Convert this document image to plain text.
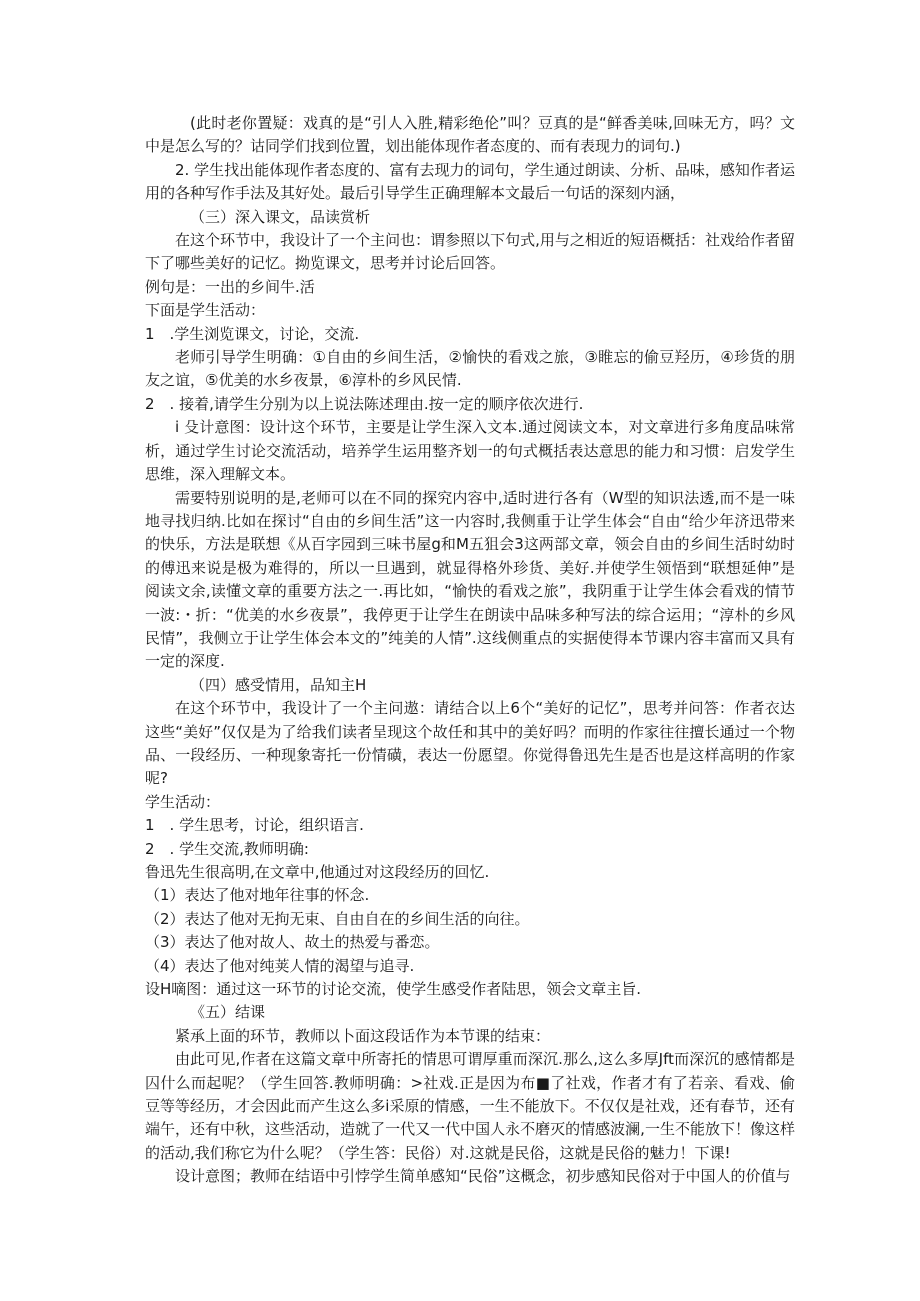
(此时老你置疑：戏真的是“引人入胜,精彩绝伦”叫？豆真的是“鲜香美味,回味无方，吗？文中是怎么写的？诂同学们找到位置，划出能体现作者态度的、而有表现力的词句.)

2. 学生找出能体现作者态度的、富有去现力的词句，学生通过朗读、分析、品味，感知作者运用的各种写作手法及其好处。最后引导学生正确理解本文最后一句话的深刻内涵，

（三）深入课文，品读赏析

在这个环节中，我设计了一个主问也：谓参照以下句式,用与之相近的短语概括：社戏给作者留下了哪些美好的记忆。拗览课文，思考并讨论后回答。

例句是：一出的乡间牛.活

下面是学生活动：

1　.学生浏览课文，讨论，交流.

老师引导学生明确：①自由的乡间生活，②愉快的看戏之旅，③睢忘的偷豆羟历，④珍货的朋友之谊，⑤优美的水乡夜景，⑥淳朴的乡风民情.

2　. 接着,请学生分别为以上说法陈述理由.按一定的顺序依次进行.

i 殳计意图：设计这个环节，主要是让学生深入文本.通过阅读文本，对文章进行多角度品味常析，通过学生讨论交流活动，培养学生运用整齐划一的句式概括表达意思的能力和习惯：启发学生思维，深入理解文本。

需要特别说明的是,老师可以在不同的探究内容中,适时进行各有（W型的知识法透,而不是一味地寻找归纳.比如在探讨“自由的乡间生活”这一内容时,我侧重于让学生体会“自由“给少年济迅带来的快乐，方法是联想《从百字园到三味书屋g和M五狙会3这两部文章，领会自由的乡间生活时幼时的傅迅来说是极为难得的，所以一旦遇到，就显得格外珍货、美好.并使学生领悟到“联想延伸”是阅读文余,读懂文章的重要方法之一.再比如，“愉快的看戏之旅”，我阴重于让学生体会看戏的情节一波:・折：“优美的水乡夜景”，我停更于让学生在朗读中品味多种写法的综合运用；“淳朴的乡风民情”，我侧立于让学生体会本文的”纯美的人情”.这线侧重点的实据使得本节课内容丰富而又具有一定的深度.

（四）感受情用，品知主H

在这个环节中，我设计了一个主问遨：请结合以上6个“美好的记忆”，思考并问答：作者衣达这些“美好”仅仅是为了给我们读者呈现这个故任和其中的美好吗？而明的作家往往擅长通过一个物品、一段经历、一种现象寄托一份情磺，表达一份愿望。你觉得鲁迅先生是否也是这样高明的作家呢?

学生活动：

1　. 学生思考，讨论，组织语言.

2　. 学生交流,教师明确:

鲁迅先生很高明,在文章中,他通过对这段经历的回忆.

（1）表达了他对地年往事的怀念.

（2）表达了他对无拘无束、自由自在的乡间生活的向往。

（3）表达了他对故人、故土的热爱与番恋。

（4）表达了他对纯荚人情的渴望与追寻.

设H嘀图：通过这一环节的讨论交流，使学生感受作者陆思，领会文章主旨.

《五）结课

紧承上面的环节，教师以卜面这段话作为本节课的结束：

由此可见,作者在这篇文章中所寄托的情思可谓厚重而深沉.那么,这么多厚Jft而深沉的感情都是囚什么而起呢？（学生回答.教师明确：>社戏.正是因为布■了社戏，作者才有了若亲、看戏、偷豆等等经历，才会因此而产生这么多i采原的情感，一生不能放下。不仅仅是社戏，还有春节，还有端午，还有中秋，这些活动，造就了一代又一代中国人永不磨灭的情感波澜,一生不能放下！像这样的活动,我们称它为什么呢？（学生答：民俗）对.这就是民俗，这就是民俗的魅力！下课!

设计意图；教师在结语中引悖学生简单感知“民俗”这概念，初步感知民俗对于中国人的价值与
